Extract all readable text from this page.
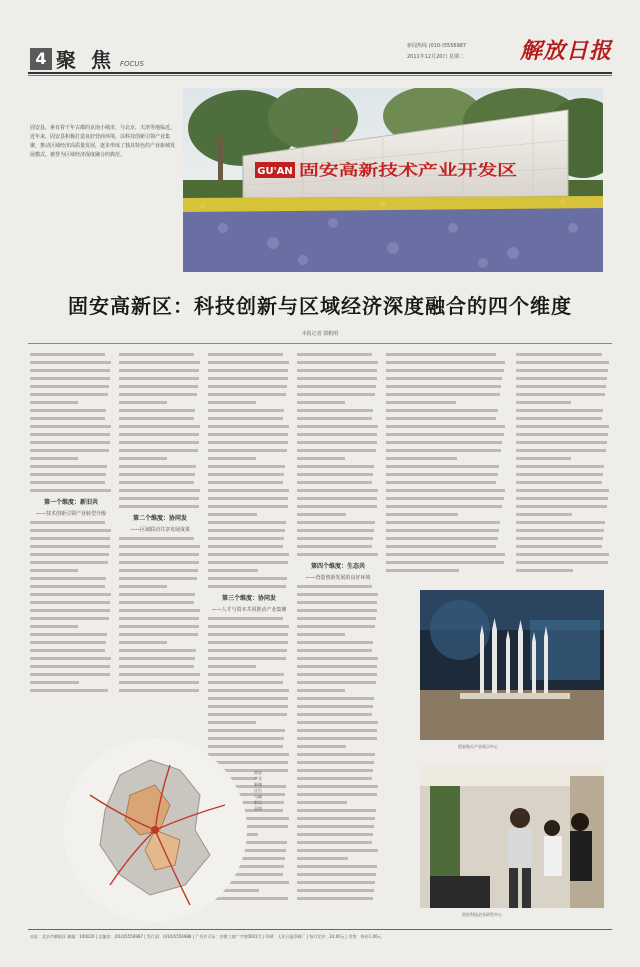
4 聚 焦 FOCUS
新闻热线 (010-)5556987
2011年12月20日 星期二	解放日报
固安县，素有着千年古都的京南小城市，与北京，天津等地临近。近年来，固安县积极打造良好营商环境，以科技创新引领产业集聚，推动区域经济高质量发展，逐步形成了独具特色的产业新城发展模式，被誉为区域经济深度融合的典范。
GU'AN 固安高新技术产业开发区
固安高新区：科技创新与区域经济深度融合的四个维度
本报记者 郭帆明
第一个维度：新旧共
——技术创新引领产业转型升级
第二个维度：协同发
——区域联动共享发展成果
第三个维度：协同发
——人才与资本共同推动产业集聚
第四个维度：生态共
——营造创新发展的良好环境
固安航天产业展示中心
固安科技企业研发中心
固安产业新城区位与辐射示意图
社址：北京市朝阳区 邮编：100020 | 总编室：(010)5556987 | 发行部：(010)5556988 | 广告许可证：京朝工商广字第0001号 | 印刷：人民日报印刷厂 | 每月定价：24.00元 | 零售：每份1.00元
